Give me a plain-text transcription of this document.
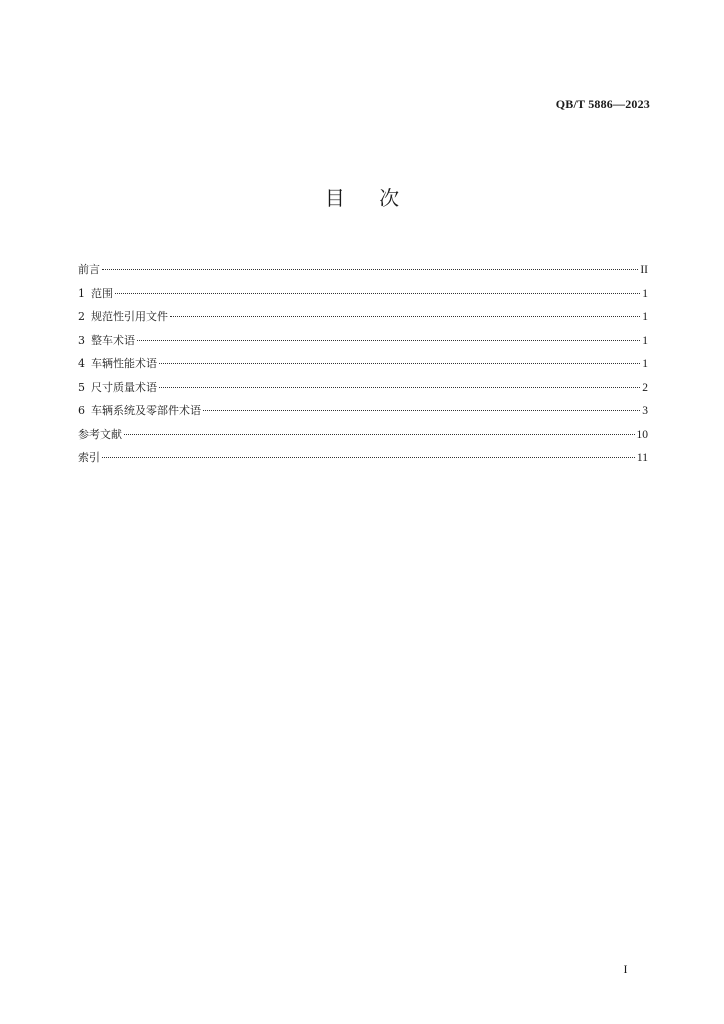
QB/T 5886—2023
目 次
前言	II
1 范围	1
2 规范性引用文件	1
3 整车术语	1
4 车辆性能术语	1
5 尺寸质量术语	2
6 车辆系统及零部件术语	3
参考文献	10
索引	11
I
